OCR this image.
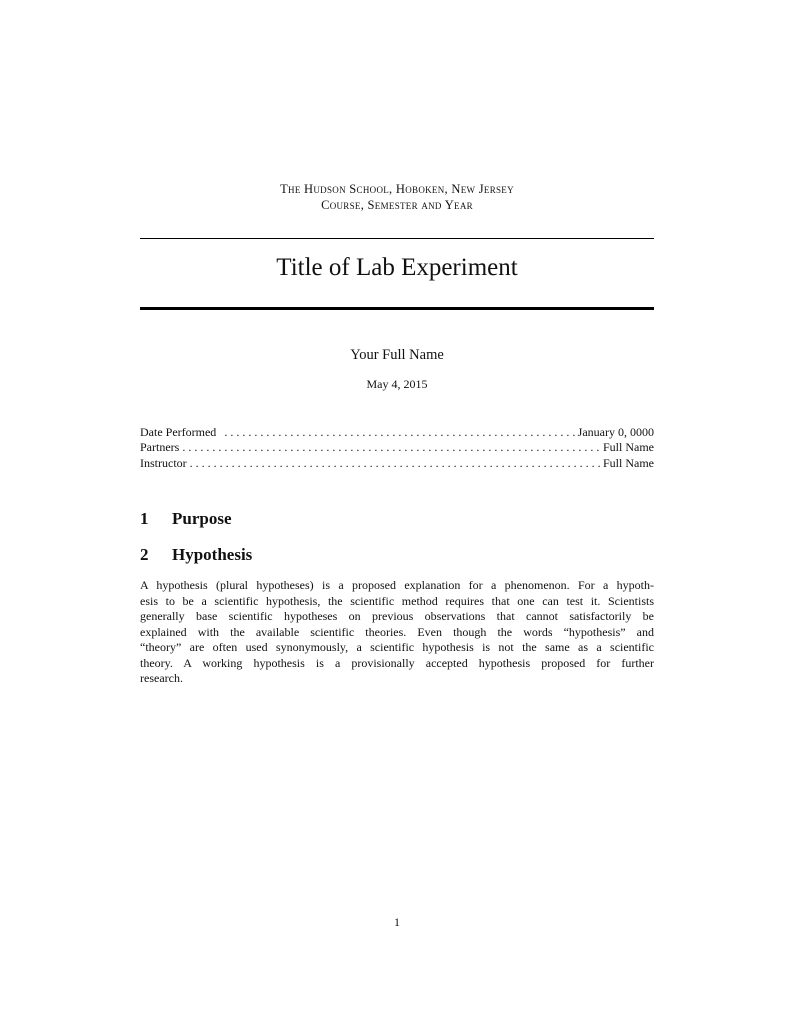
The Hudson School, Hoboken, New Jersey
Course, Semester and Year
Title of Lab Experiment
Your Full Name
May 4, 2015
Date Performed . . .	January 0, 0000
Partners . . .	Full Name
Instructor . . .	Full Name
1 Purpose
2 Hypothesis
A hypothesis (plural hypotheses) is a proposed explanation for a phenomenon. For a hypoth-
esis to be a scientific hypothesis, the scientific method requires that one can test it. Scientists
generally base scientific hypotheses on previous observations that cannot satisfactorily be
explained with the available scientific theories. Even though the words “hypothesis” and
“theory” are often used synonymously, a scientific hypothesis is not the same as a scientific
theory. A working hypothesis is a provisionally accepted hypothesis proposed for further
research.
1
